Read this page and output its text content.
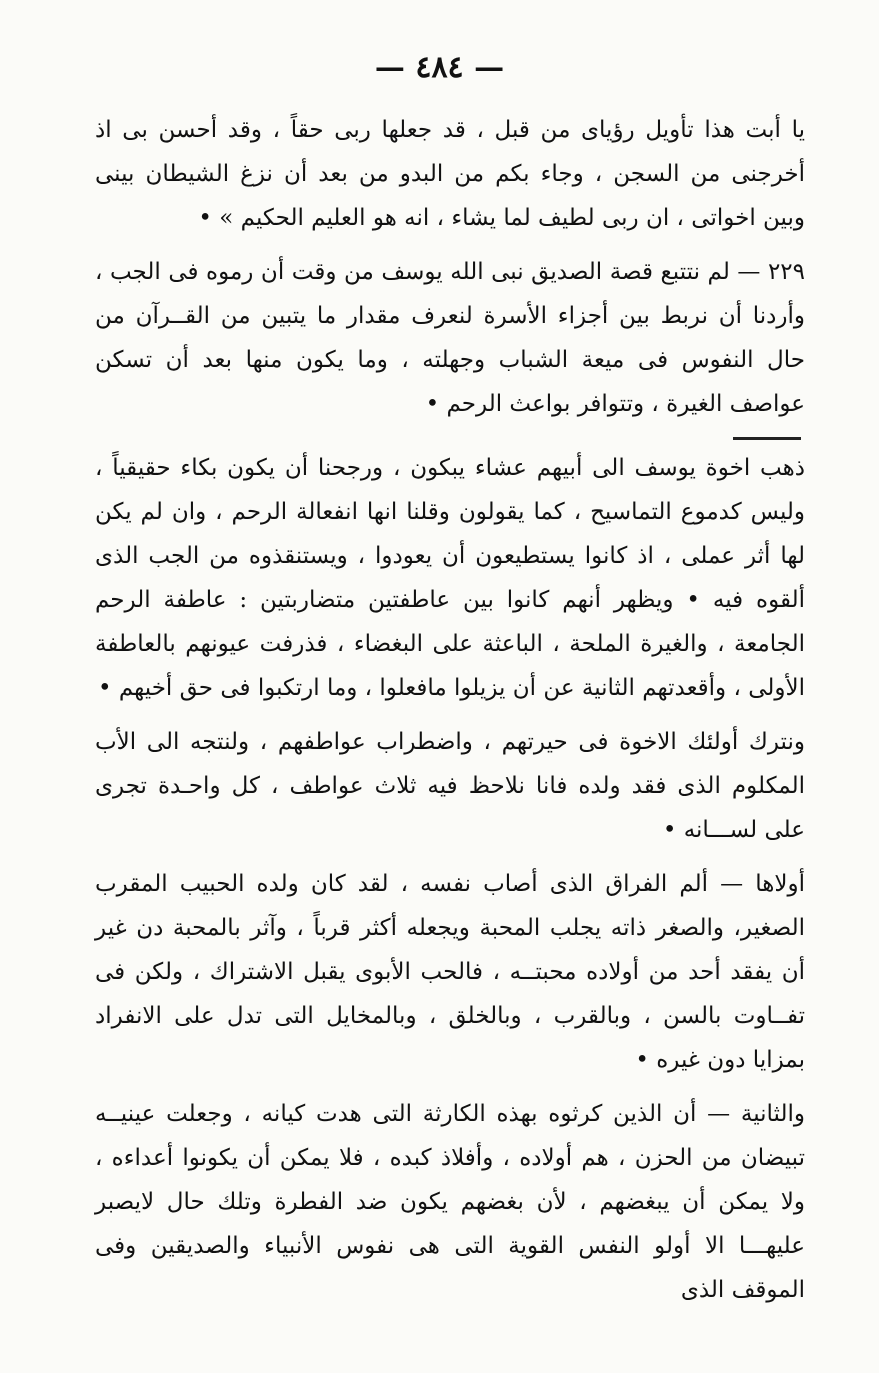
— ٤٨٤ —

يا أبت هذا تأويل رؤياى من قبل ، قد جعلها ربى حقاً ، وقد أحسن بى اذ أخرجنى من السجن ، وجاء بكم من البدو من بعد أن نزغ الشيطان بينى وبين اخواتى ، ان ربى لطيف لما يشاء ، انه هو العليم الحكيم » •

٢٢٩ — لم نتتبع قصة الصديق نبى الله يوسف من وقت أن رموه فى الجب ، وأردنا أن نربط بين أجزاء الأسرة لنعرف مقدار ما يتبين من القــرآن من حال النفوس فى ميعة الشباب وجهلته ، وما يكون منها بعد أن تسكن عواصف الغيرة ، وتتوافر بواعث الرحم •

ذهب اخوة يوسف الى أبيهم عشاء يبكون ، ورجحنا أن يكون بكاء حقيقياً ، وليس كدموع التماسيح ، كما يقولون وقلنا انها انفعالة الرحم ، وان لم يكن لها أثر عملى ، اذ كانوا يستطيعون أن يعودوا ، ويستنقذوه من الجب الذى ألقوه فيه • ويظهر أنهم كانوا بين عاطفتين متضاربتين : عاطفة الرحم الجامعة ، والغيرة الملحة ، الباعثة على البغضاء ، فذرفت عيونهم بالعاطفة الأولى ، وأقعدتهم الثانية عن أن يزيلوا مافعلوا ، وما ارتكبوا فى حق أخيهم •

ونترك أولئك الاخوة فى حيرتهم ، واضطراب عواطفهم ، ولنتجه الى الأب المكلوم الذى فقد ولده فانا نلاحظ فيه ثلاث عواطف ، كل واحـدة تجرى على لســـانه •

أولاها — ألم الفراق الذى أصاب نفسه ، لقد كان ولده الحبيب المقرب الصغير، والصغر ذاته يجلب المحبة ويجعله أكثر قرباً ، وآثر بالمحبة دن غير أن يفقد أحد من أولاده محبتــه ، فالحب الأبوى يقبل الاشتراك ، ولكن فى تفــاوت بالسن ، وبالقرب ، وبالخلق ، وبالمخايل التى تدل على الانفراد بمزايا دون غيره •

والثانية — أن الذين كرثوه بهذه الكارثة التى هدت كيانه ، وجعلت عينيــه تبيضان من الحزن ، هم أولاده ، وأفلاذ كبده ، فلا يمكن أن يكونوا أعداءه ، ولا يمكن أن يبغضهم ، لأن بغضهم يكون ضد الفطرة وتلك حال لايصبر عليهـــا الا أولو النفس القوية التى هى نفوس الأنبياء والصديقين وفى الموقف الذى
